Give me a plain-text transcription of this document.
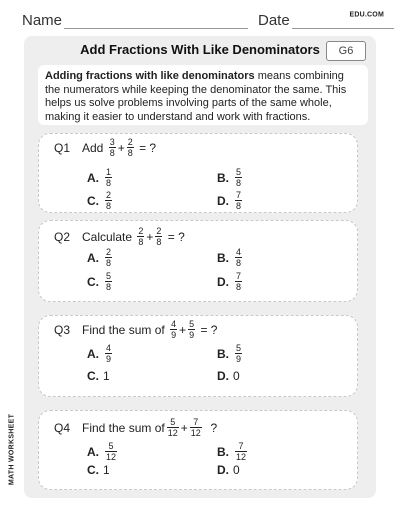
Name	Date	EDU.COM
Add Fractions With Like Denominators	G6
Adding fractions with like denominators means combining the numerators while keeping the denominator the same. This helps us solve problems involving parts of the same whole, making it easier to understand and work with fractions.
Q1 Add
$\frac{3}{8} + \frac{2}{8}$
= ?
A. $\frac{1}{8}$	B. $\frac{5}{8}$
C. $\frac{2}{8}$	D. $\frac{7}{8}$
Q2 Calculate
$\frac{2}{8} + \frac{2}{8}$
= ?
A. $\frac{2}{8}$	B. $\frac{4}{8}$
C. $\frac{5}{8}$	D. $\frac{7}{8}$
Q3 Find the sum of
$\frac{4}{9} + \frac{5}{9}$
= ?
A. $\frac{4}{9}$	B. $\frac{5}{9}$
C. 1	D. 0
Q4 Find the sum of $\frac{5}{12} + \frac{7}{12}$
?
A. $\frac{5}{12}$	B. $\frac{7}{12}$
C. 1	D. 0
MATH WORKSHEET
